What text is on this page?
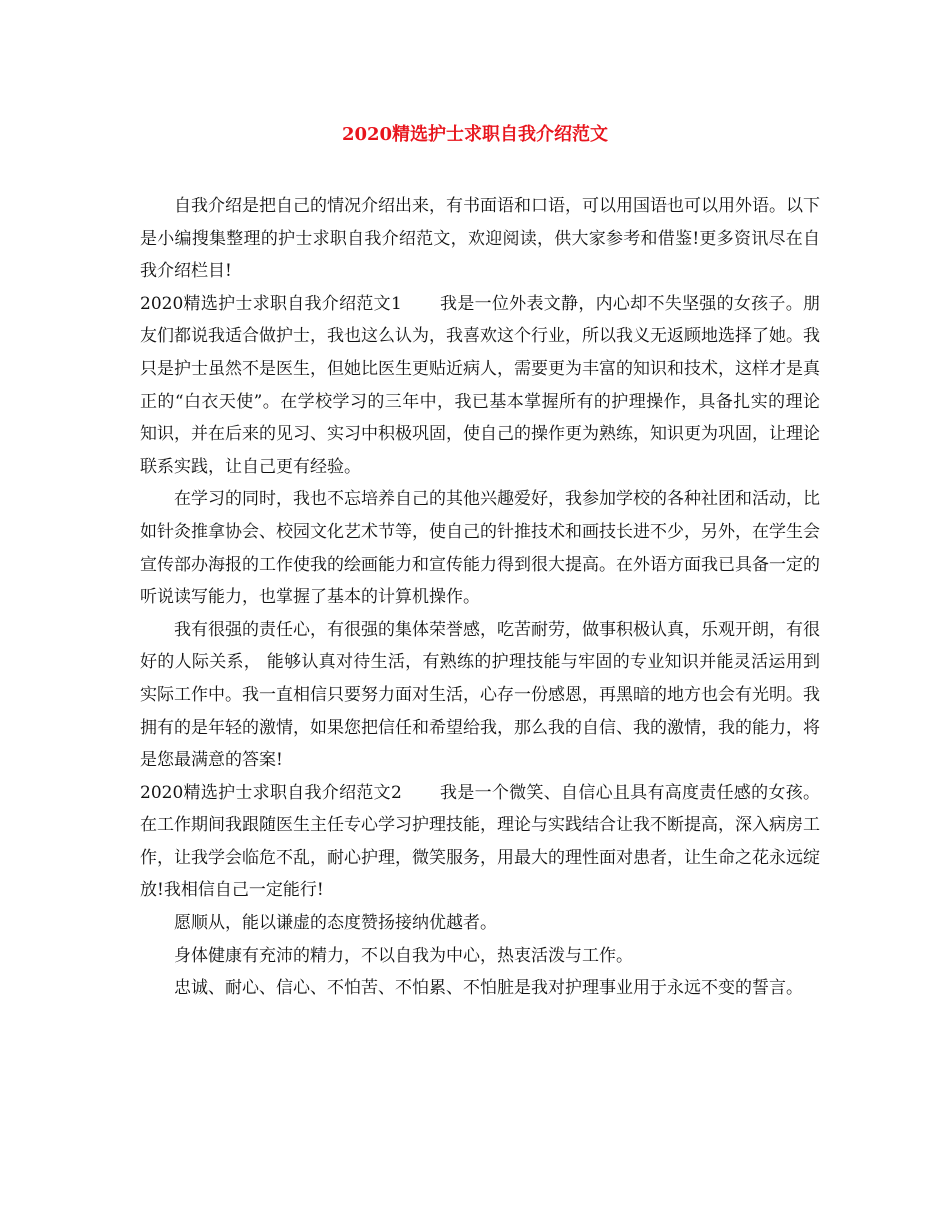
2020精选护士求职自我介绍范文

自我介绍是把自己的情况介绍出来，有书面语和口语，可以用国语也可以用外语。以下是小编搜集整理的护士求职自我介绍范文，欢迎阅读，供大家参考和借鉴!更多资讯尽在自我介绍栏目!

2020精选护士求职自我介绍范文1 我是一位外表文静，内心却不失坚强的女孩子。朋友们都说我适合做护士，我也这么认为，我喜欢这个行业，所以我义无返顾地选择了她。我只是护士虽然不是医生，但她比医生更贴近病人，需要更为丰富的知识和技术，这样才是真正的“白衣天使”。在学校学习的三年中，我已基本掌握所有的护理操作，具备扎实的理论知识，并在后来的见习、实习中积极巩固，使自己的操作更为熟练，知识更为巩固，让理论联系实践，让自己更有经验。

在学习的同时，我也不忘培养自己的其他兴趣爱好，我参加学校的各种社团和活动，比如针灸推拿协会、校园文化艺术节等，使自己的针推技术和画技长进不少，另外，在学生会宣传部办海报的工作使我的绘画能力和宣传能力得到很大提高。在外语方面我已具备一定的听说读写能力，也掌握了基本的计算机操作。

我有很强的责任心，有很强的集体荣誉感，吃苦耐劳，做事积极认真，乐观开朗，有很好的人际关系， 能够认真对待生活，有熟练的护理技能与牢固的专业知识并能灵活运用到实际工作中。我一直相信只要努力面对生活，心存一份感恩，再黑暗的地方也会有光明。我拥有的是年轻的激情，如果您把信任和希望给我，那么我的自信、我的激情，我的能力，将是您最满意的答案!

2020精选护士求职自我介绍范文2 我是一个微笑、自信心且具有高度责任感的女孩。在工作期间我跟随医生主任专心学习护理技能，理论与实践结合让我不断提高，深入病房工作，让我学会临危不乱，耐心护理，微笑服务，用最大的理性面对患者，让生命之花永远绽放!我相信自己一定能行!

愿顺从，能以谦虚的态度赞扬接纳优越者。

身体健康有充沛的精力，不以自我为中心，热衷活泼与工作。

忠诚、耐心、信心、不怕苦、不怕累、不怕脏是我对护理事业用于永远不变的誓言。
